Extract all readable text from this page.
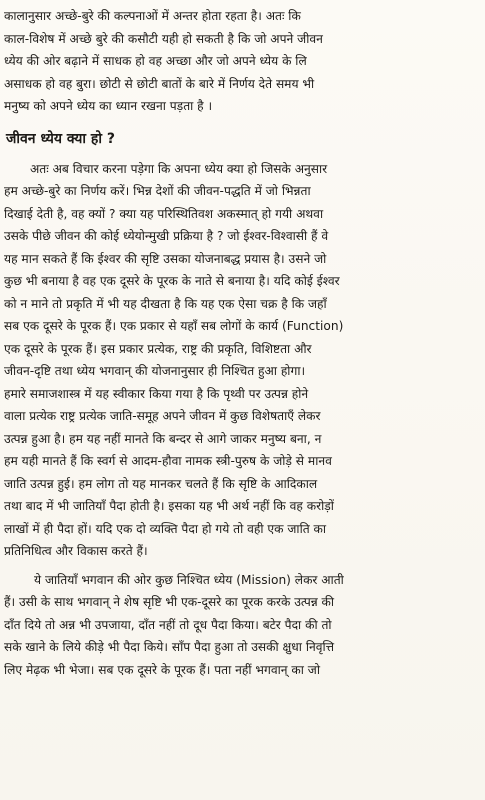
कालानुसार अच्छे-बुरे की कल्पनाओं में अन्तर होता रहता है। अतः कि
काल-विशेष में अच्छे बुरे की कसौटी यही हो सकती है कि जो अपने जीवन
ध्येय की ओर बढ़ाने में साधक हो वह अच्छा और जो अपने ध्येय के लि
असाधक हो वह बुरा। छोटी से छोटी बातों के बारे में निर्णय देते समय भी
मनुष्य को अपने ध्येय का ध्यान रखना पड़ता है ।
जीवन ध्येय क्या हो ?
अतः अब विचार करना पड़ेगा कि अपना ध्येय क्या हो जिसके अनुसार
हम अच्छे-बुरे का निर्णय करें। भिन्न देशों की जीवन-पद्धति में जो भिन्नता
दिखाई देती है, वह क्यों ? क्या यह परिस्थितिवश अकस्मात् हो गयी अथवा
उसके पीछे जीवन की कोई ध्येयोन्मुखी प्रक्रिया है ? जो ईश्वर-विश्वासी हैं वे
यह मान सकते हैं कि ईश्वर की सृष्टि उसका योजनाबद्ध प्रयास है। उसने जो
कुछ भी बनाया है वह एक दूसरे के पूरक के नाते से बनाया है। यदि कोई ईश्वर
को न माने तो प्रकृति में भी यह दीखता है कि यह एक ऐसा चक्र है कि जहाँ
सब एक दूसरे के पूरक हैं। एक प्रकार से यहाँ सब लोगों के कार्य (Function)
एक दूसरे के पूरक हैं। इस प्रकार प्रत्येक, राष्ट्र की प्रकृति, विशिष्टता और
जीवन-दृष्टि तथा ध्येय भगवान् की योजनानुसार ही निश्चित हुआ होगा।
हमारे समाजशास्त्र में यह स्वीकार किया गया है कि पृथ्वी पर उत्पन्न होने
वाला प्रत्येक राष्ट्र प्रत्येक जाति-समूह अपने जीवन में कुछ विशेषताएँ लेकर
उत्पन्न हुआ है। हम यह नहीं मानते कि बन्दर से आगे जाकर मनुष्य बना, न
हम यही मानते हैं कि स्वर्ग से आदम-हौवा नामक स्त्री-पुरुष के जोड़े से मानव
जाति उत्पन्न हुई। हम लोग तो यह मानकर चलते हैं कि सृष्टि के आदिकाल
तथा बाद में भी जातियाँ पैदा होती है। इसका यह भी अर्थ नहीं कि वह करोड़ों
लाखों में ही पैदा हों। यदि एक दो व्यक्ति पैदा हो गये तो वही एक जाति का
प्रतिनिधित्व और विकास करते हैं।
ये जातियाँ भगवान की ओर कुछ निश्चित ध्येय (Mission) लेकर आती
हैं। उसी के साथ भगवान् ने शेष सृष्टि भी एक-दूसरे का पूरक करके उत्पन्न की
दाँत दिये तो अन्न भी उपजाया, दाँत नहीं तो दूध पैदा किया। बटेर पैदा की तो
सके खाने के लिये कीड़े भी पैदा किये। साँप पैदा हुआ तो उसकी क्षुधा निवृत्ति
लिए मेढ़क भी भेजा। सब एक दूसरे के पूरक हैं। पता नहीं भगवान् का जो
